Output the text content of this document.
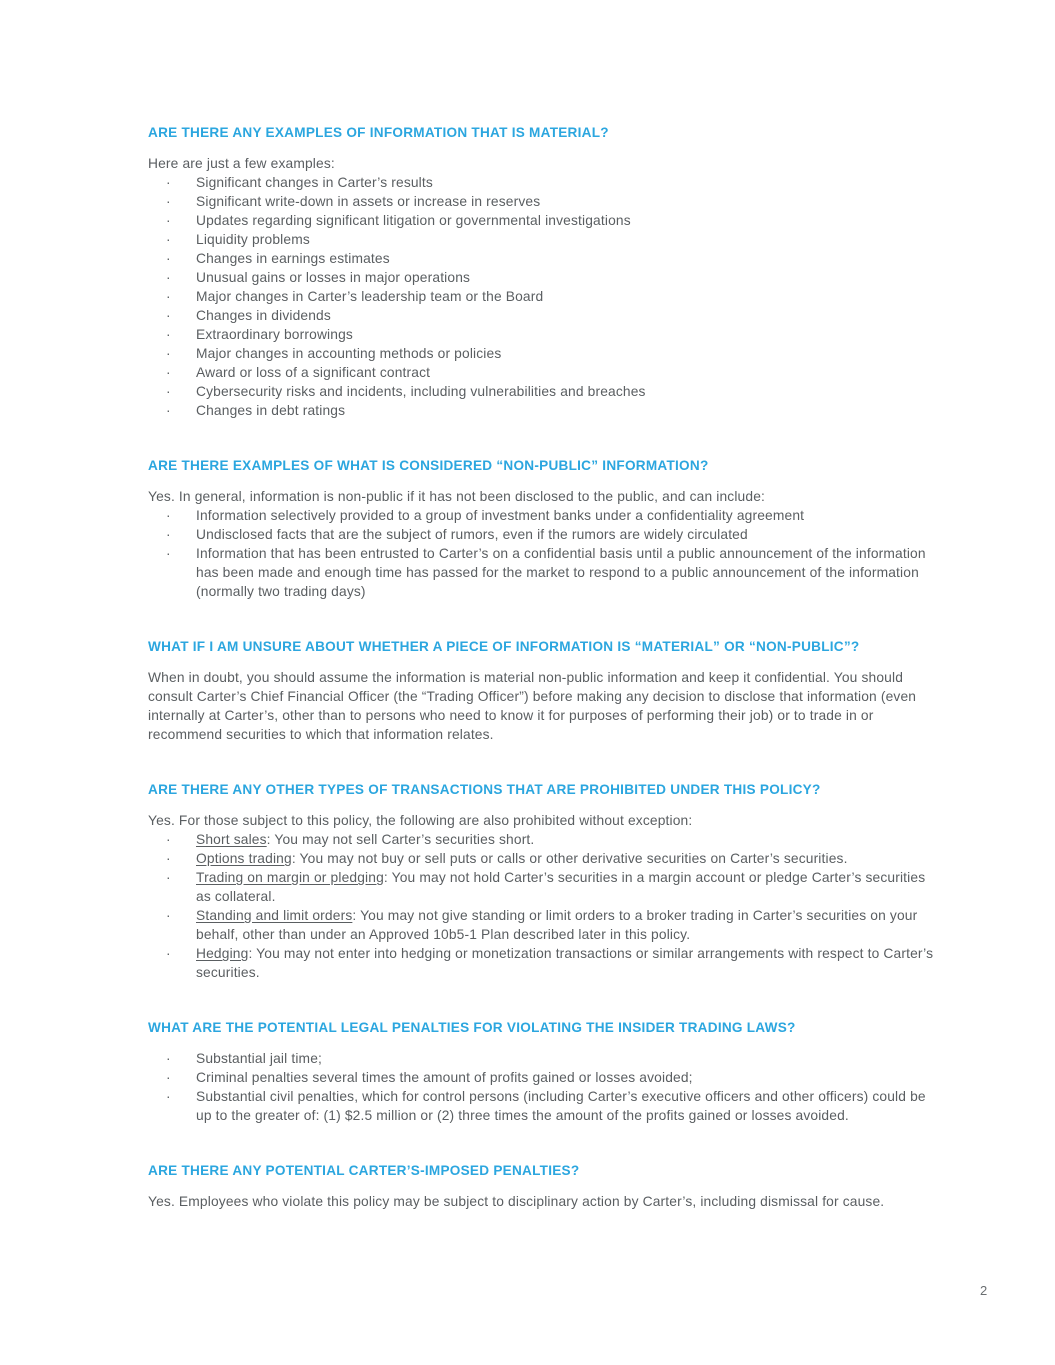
ARE THERE ANY EXAMPLES OF INFORMATION THAT IS MATERIAL?

Here are just a few examples:

· Significant changes in Carter’s results
· Significant write-down in assets or increase in reserves
· Updates regarding significant litigation or governmental investigations
· Liquidity problems
· Changes in earnings estimates
· Unusual gains or losses in major operations
· Major changes in Carter’s leadership team or the Board
· Changes in dividends
· Extraordinary borrowings
· Major changes in accounting methods or policies
· Award or loss of a significant contract
· Cybersecurity risks and incidents, including vulnerabilities and breaches
· Changes in debt ratings
ARE THERE EXAMPLES OF WHAT IS CONSIDERED “NON-PUBLIC” INFORMATION?

Yes. In general, information is non-public if it has not been disclosed to the public, and can include:

· Information selectively provided to a group of investment banks under a confidentiality agreement
· Undisclosed facts that are the subject of rumors, even if the rumors are widely circulated
· Information that has been entrusted to Carter’s on a confidential basis until a public announcement of the information has been made and enough time has passed for the market to respond to a public announcement of the information (normally two trading days)
WHAT IF I AM UNSURE ABOUT WHETHER A PIECE OF INFORMATION IS “MATERIAL” OR “NON-PUBLIC”?

When in doubt, you should assume the information is material non-public information and keep it confidential. You should consult Carter’s Chief Financial Officer (the “Trading Officer”) before making any decision to disclose that information (even internally at Carter’s, other than to persons who need to know it for purposes of performing their job) or to trade in or recommend securities to which that information relates.

ARE THERE ANY OTHER TYPES OF TRANSACTIONS THAT ARE PROHIBITED UNDER THIS POLICY?

Yes. For those subject to this policy, the following are also prohibited without exception:

· Short sales: You may not sell Carter’s securities short.
· Options trading: You may not buy or sell puts or calls or other derivative securities on Carter’s securities.
· Trading on margin or pledging: You may not hold Carter’s securities in a margin account or pledge Carter’s securities as collateral.
· Standing and limit orders: You may not give standing or limit orders to a broker trading in Carter’s securities on your behalf, other than under an Approved 10b5-1 Plan described later in this policy.
· Hedging: You may not enter into hedging or monetization transactions or similar arrangements with respect to Carter’s securities.
WHAT ARE THE POTENTIAL LEGAL PENALTIES FOR VIOLATING THE INSIDER TRADING LAWS?
· Substantial jail time;
· Criminal penalties several times the amount of profits gained or losses avoided;
· Substantial civil penalties, which for control persons (including Carter’s executive officers and other officers) could be up to the greater of: (1) $2.5 million or (2) three times the amount of the profits gained or losses avoided.
ARE THERE ANY POTENTIAL CARTER’S-IMPOSED PENALTIES?

Yes. Employees who violate this policy may be subject to disciplinary action by Carter’s, including dismissal for cause.

2
